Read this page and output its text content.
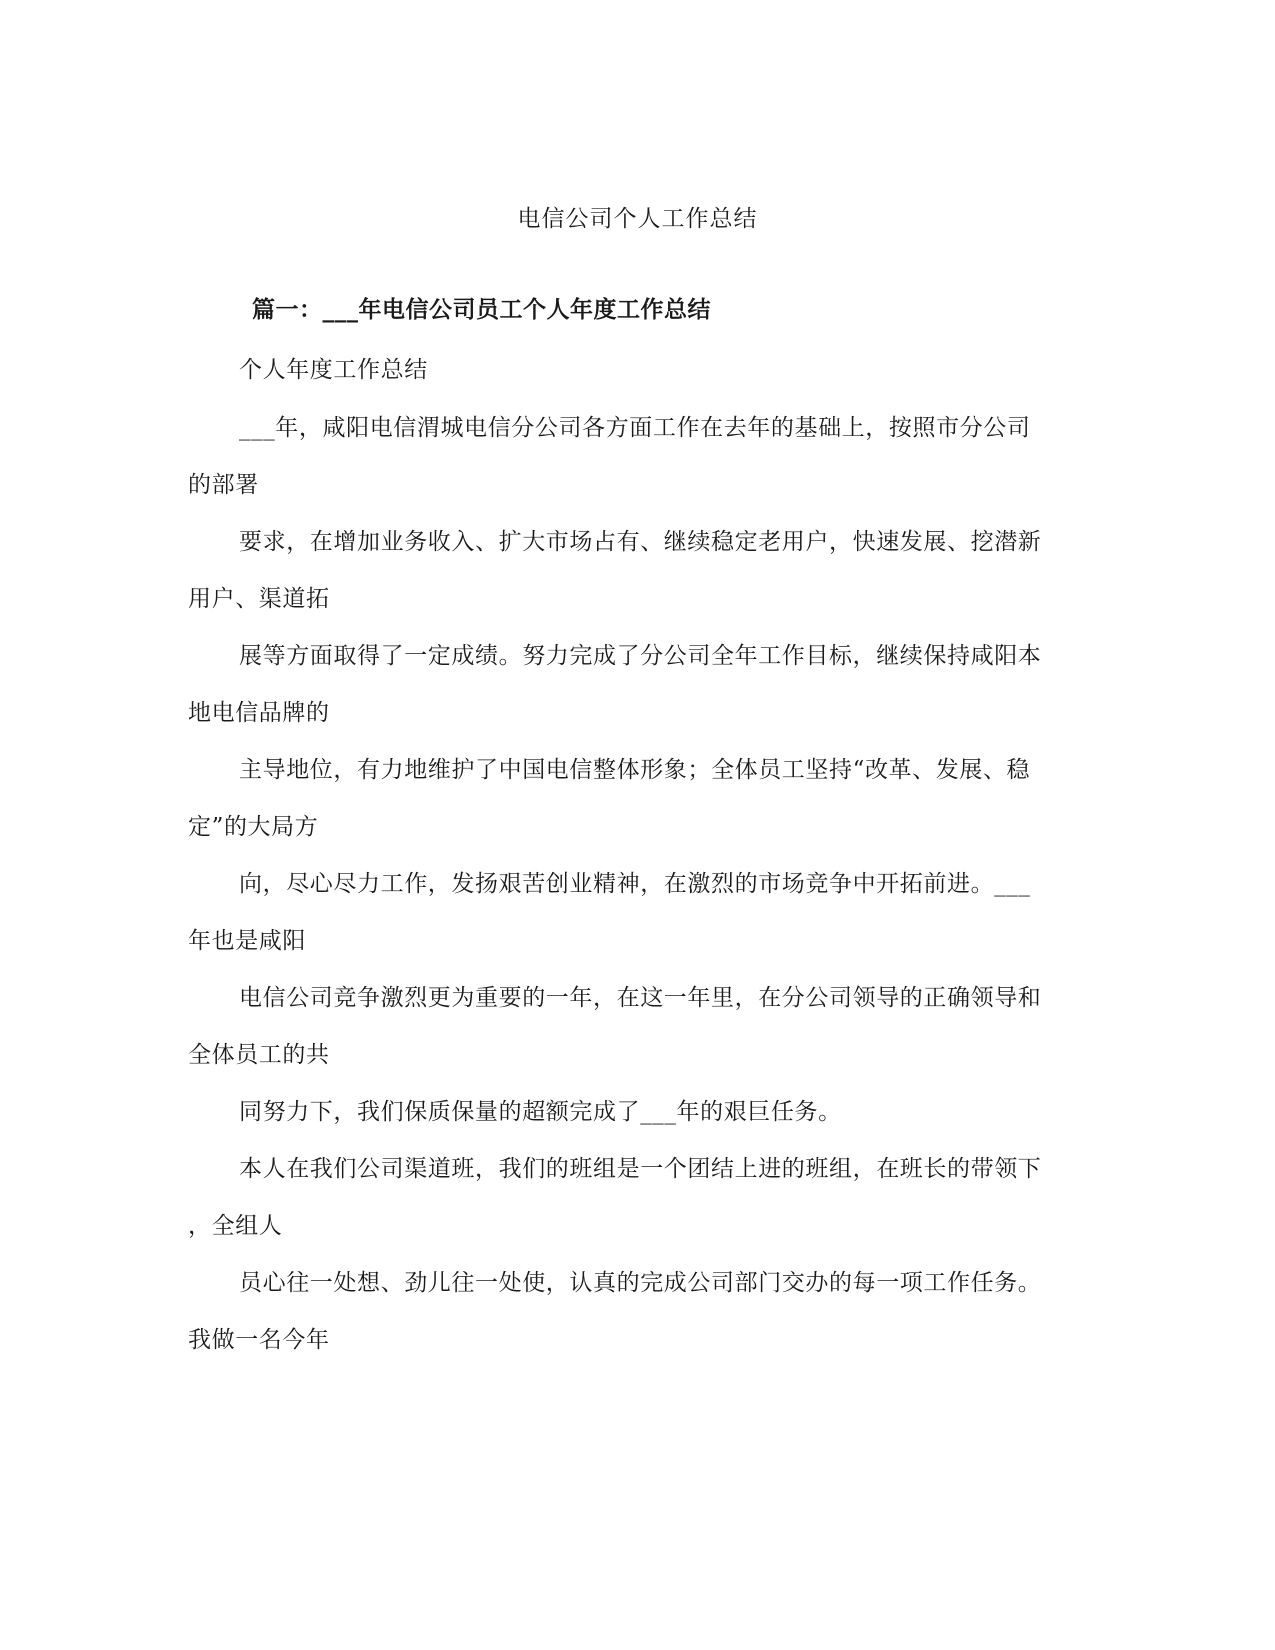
电信公司个人工作总结
篇一：___年电信公司员工个人年度工作总结
个人年度工作总结
___年，咸阳电信渭城电信分公司各方面工作在去年的基础上，按照市分公司
的部署
要求，在增加业务收入、扩大市场占有、继续稳定老用户，快速发展、挖潜新
用户、渠道拓
展等方面取得了一定成绩。努力完成了分公司全年工作目标，继续保持咸阳本
地电信品牌的
主导地位，有力地维护了中国电信整体形象；全体员工坚持“改革、发展、稳
定”的大局方
向，尽心尽力工作，发扬艰苦创业精神，在激烈的市场竞争中开拓前进。___
年也是咸阳
电信公司竞争激烈更为重要的一年，在这一年里，在分公司领导的正确领导和
全体员工的共
同努力下，我们保质保量的超额完成了___年的艰巨任务。
本人在我们公司渠道班，我们的班组是一个团结上进的班组，在班长的带领下
，全组人
员心往一处想、劲儿往一处使，认真的完成公司部门交办的每一项工作任务。
我做一名今年
